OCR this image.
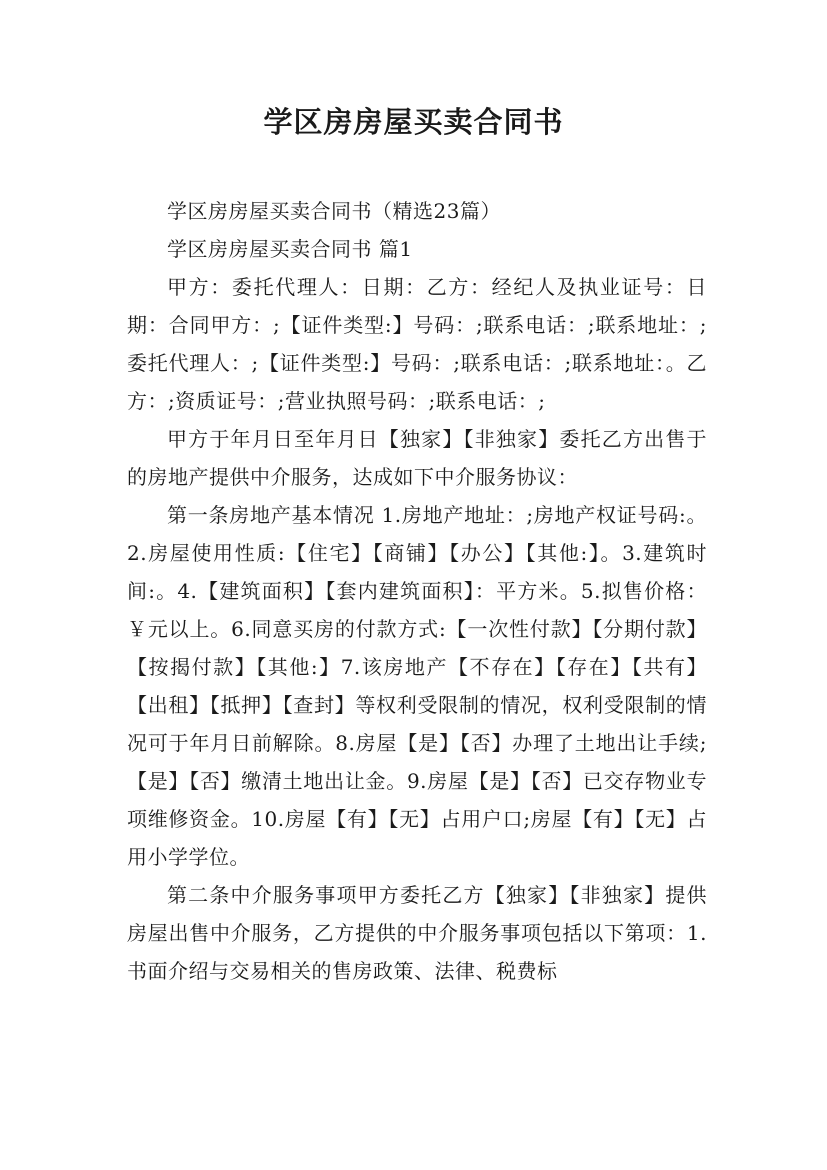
学区房房屋买卖合同书

学区房房屋买卖合同书（精选23篇）

学区房房屋买卖合同书 篇1

甲方：委托代理人：日期：乙方：经纪人及执业证号：日期：合同甲方：;【证件类型:】号码：;联系电话：;联系地址：;委托代理人：;【证件类型:】号码：;联系电话：;联系地址：。乙方：;资质证号：;营业执照号码：;联系电话：;

甲方于年月日至年月日【独家】【非独家】委托乙方出售于的房地产提供中介服务，达成如下中介服务协议：

第一条房地产基本情况 1.房地产地址：;房地产权证号码:。2.房屋使用性质:【住宅】【商铺】【办公】【其他:】。3.建筑时间:。4.【建筑面积】【套内建筑面积】：平方米。5.拟售价格：￥元以上。6.同意买房的付款方式:【一次性付款】【分期付款】【按揭付款】【其他:】7.该房地产【不存在】【存在】【共有】【出租】【抵押】【查封】等权利受限制的情况，权利受限制的情况可于年月日前解除。8.房屋【是】【否】办理了土地出让手续;【是】【否】缴清土地出让金。9.房屋【是】【否】已交存物业专项维修资金。10.房屋【有】【无】占用户口;房屋【有】【无】占用小学学位。

第二条中介服务事项甲方委托乙方【独家】【非独家】提供房屋出售中介服务，乙方提供的中介服务事项包括以下第项：1.书面介绍与交易相关的售房政策、法律、税费标
